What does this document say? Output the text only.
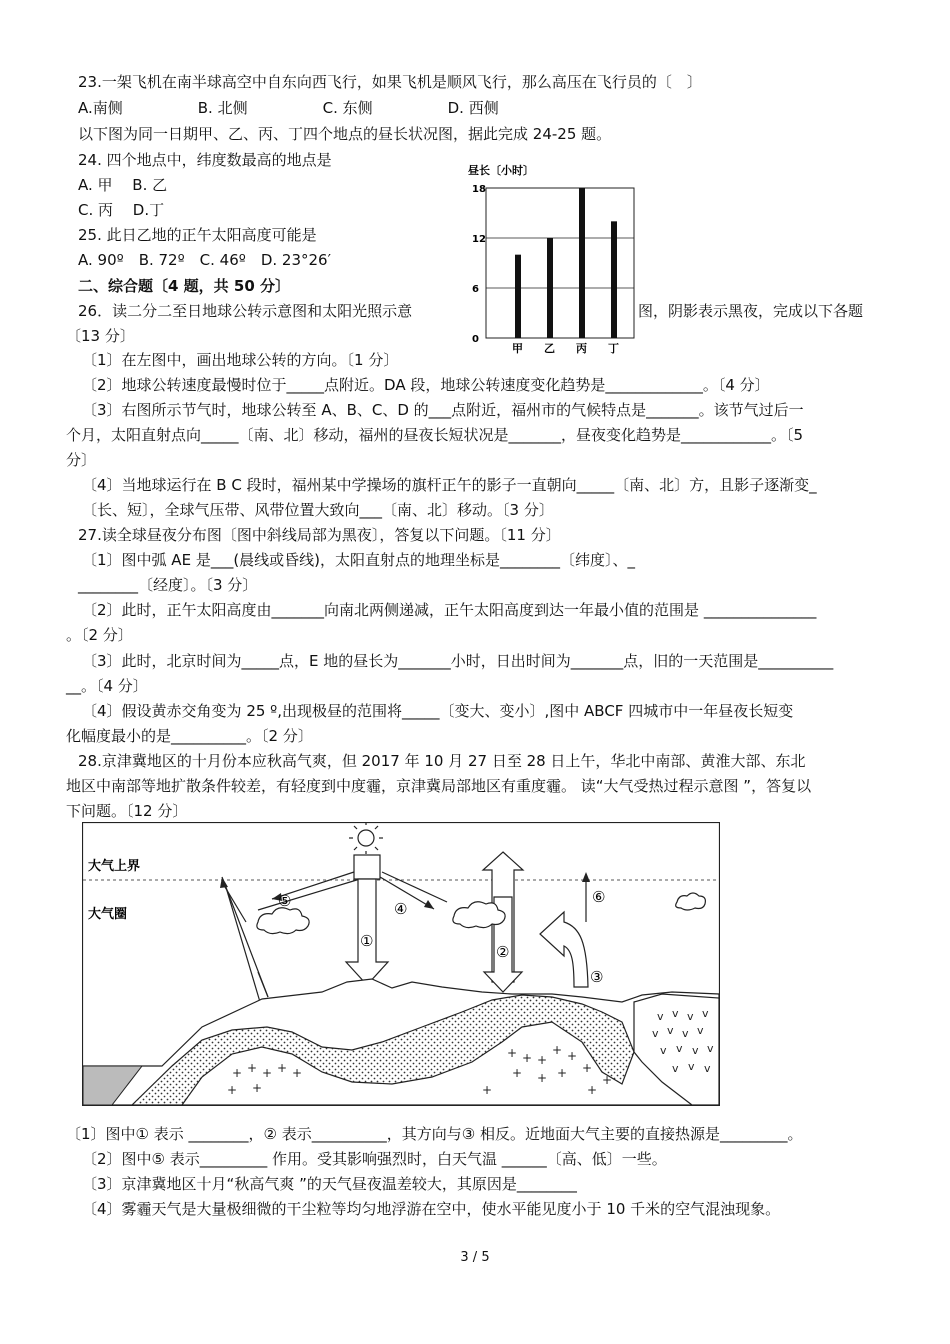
23.一架飞机在南半球高空中自东向西飞行，如果飞机是顺风飞行，那么高压在飞行员的〔　〕
A.南侧　　　　　B. 北侧　　　　　C. 东侧　　　　　D. 西侧
以下图为同一日期甲、乙、丙、丁四个地点的昼长状况图，据此完成 24-25 题。
24. 四个地点中，纬度数最高的地点是
A. 甲　 B. 乙
C. 丙　 D.丁
25. 此日乙地的正午太阳高度可能是
A. 90º　B. 72º　C. 46º　D. 23°26′
二、综合题〔4 题，共 50 分〕
26．读二分二至日地球公转示意图和太阳光照示意	图，阴影表示黑夜，完成以下各题
〔13 分〕
〔1〕在左图中，画出地球公转的方向。〔1 分〕
〔2〕地球公转速度最慢时位于_____点附近。DA 段，地球公转速度变化趋势是_____________。〔4 分〕
〔3〕右图所示节气时，地球公转至 A、B、C、D 的___点附近，福州市的气候特点是_______。该节气过后一
个月，太阳直射点向_____〔南、北〕移动，福州的昼夜长短状况是_______，昼夜变化趋势是____________。〔5
分〕
〔4〕当地球运行在 B C 段时，福州某中学操场的旗杆正午的影子一直朝向_____〔南、北〕方，且影子逐渐变_
〔长、短〕，全球气压带、风带位置大致向___〔南、北〕移动。〔3 分〕
27.读全球昼夜分布图〔图中斜线局部为黑夜〕，答复以下问题。〔11 分〕
〔1〕图中弧 AE 是___(晨线或昏线)，太阳直射点的地理坐标是________〔纬度〕、_
________〔经度〕。〔3 分〕
〔2〕此时，正午太阳高度由_______向南北两侧递减，正午太阳高度到达一年最小值的范围是 _______________
。〔2 分〕
〔3〕此时，北京时间为_____点，E 地的昼长为_______小时，日出时间为_______点，旧的一天范围是__________
__。〔4 分〕
〔4〕假设黄赤交角变为 25 º,出现极昼的范围将_____〔变大、变小〕,图中 ABCF 四城市中一年昼夜长短变
化幅度最小的是__________。〔2 分〕
28.京津冀地区的十月份本应秋高气爽，但 2017 年 10 月 27 日至 28 日上午，华北中南部、黄淮大部、东北
地区中南部等地扩散条件较差，有轻度到中度霾，京津冀局部地区有重度霾。 读“大气受热过程示意图 ”，答复以
下问题。〔12 分〕
〔1〕图中① 表示 ________，② 表示__________，其方向与③ 相反。近地面大气主要的直接热源是_________。
〔2〕图中⑤ 表示_________ 作用。受其影响强烈时，白天气温 ______〔高、低〕一些。
〔3〕京津冀地区十月“秋高气爽 ”的天气昼夜温差较大，其原因是________
〔4〕雾霾天气是大量极细微的干尘粒等均匀地浮游在空中，使水平能见度小于 10 千米的空气混浊现象。
昼长〔小时〕
0
6
12
18
甲 乙 丙 丁
大气上界
大气圈
①
②
③
④
⑤	⑥
+ + + + +
+ +	+
+ + +
+ +
+ + + +
+
+
v v v v
v v v v
v v v v
v v v
3 / 5
